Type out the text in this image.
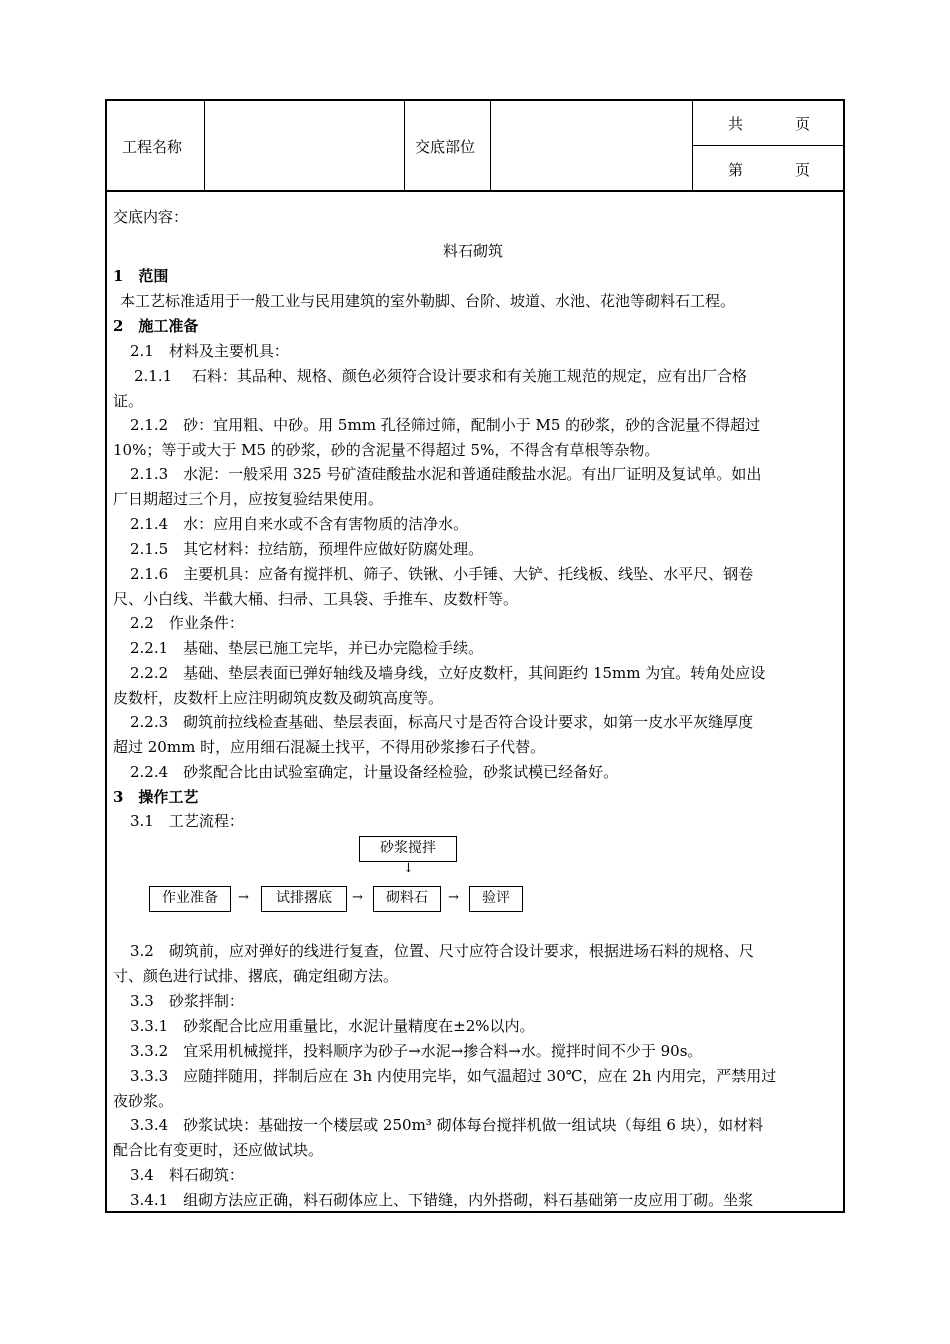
工程名称	交底部位
共	页
第	页
交底内容：
料石砌筑
1　范围
本工艺标准适用于一般工业与民用建筑的室外勒脚、台阶、坡道、水池、花池等砌料石工程。
2　施工准备
2.1　材料及主要机具：
2.1.1　 石料：其品种、规格、颜色必须符合设计要求和有关施工规范的规定，应有出厂合格
证。
2.1.2　砂：宜用粗、中砂。用 5mm 孔径筛过筛，配制小于 M5 的砂浆，砂的含泥量不得超过
10%；等于或大于 M5 的砂浆，砂的含泥量不得超过 5%，不得含有草根等杂物。
2.1.3　水泥：一般采用 325 号矿渣硅酸盐水泥和普通硅酸盐水泥。有出厂证明及复试单。如出
厂日期超过三个月，应按复验结果使用。
2.1.4　水：应用自来水或不含有害物质的洁净水。
2.1.5　其它材料：拉结筋，预埋件应做好防腐处理。
2.1.6　主要机具：应备有搅拌机、筛子、铁锹、小手锤、大铲、托线板、线坠、水平尺、钢卷
尺、小白线、半截大桶、扫帚、工具袋、手推车、皮数杆等。
2.2　作业条件：
2.2.1　基础、垫层已施工完毕，并已办完隐检手续。
2.2.2　基础、垫层表面已弹好轴线及墙身线，立好皮数杆，其间距约 15mm 为宜。转角处应设
皮数杆，皮数杆上应注明砌筑皮数及砌筑高度等。
2.2.3　砌筑前拉线检查基础、垫层表面，标高尺寸是否符合设计要求，如第一皮水平灰缝厚度
超过 20mm 时，应用细石混凝土找平，不得用砂浆掺石子代替。
2.2.4　砂浆配合比由试验室确定，计量设备经检验，砂浆试模已经备好。
3　操作工艺
3.1　工艺流程：
砂浆搅拌
↓
作业准备	→	试排撂底	→	砌料石	→	验评
3.2　砌筑前，应对弹好的线进行复查，位置、尺寸应符合设计要求，根据进场石料的规格、尺
寸、颜色进行试排、撂底，确定组砌方法。
3.3　砂浆拌制：
3.3.1　砂浆配合比应用重量比，水泥计量精度在±2%以内。
3.3.2　宜采用机械搅拌，投料顺序为砂子→水泥→掺合料→水。搅拌时间不少于 90s。
3.3.3　应随拌随用，拌制后应在 3h 内使用完毕，如气温超过 30℃，应在 2h 内用完，严禁用过
夜砂浆。
3.3.4　砂浆试块：基础按一个楼层或 250m³ 砌体每台搅拌机做一组试块（每组 6 块），如材料
配合比有变更时，还应做试块。
3.4　料石砌筑：
3.4.1　组砌方法应正确，料石砌体应上、下错缝，内外搭砌，料石基础第一皮应用丁砌。坐浆
